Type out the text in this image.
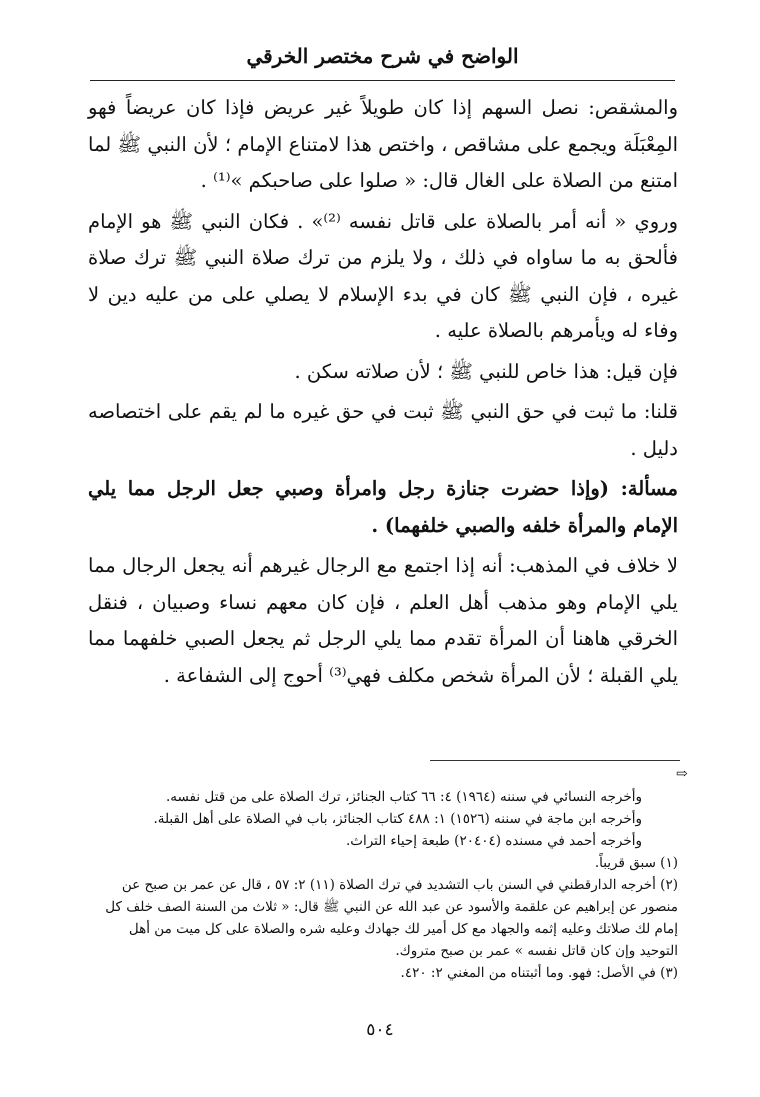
الواضح في شرح مختصر الخرقي

والمشقص: نصل السهم إذا كان طويلاً غير عريض فإذا كان عريضاً فهو المِعْبَلَة ويجمع على مشاقص ، واختص هذا لامتناع الإمام ؛ لأن النبي ﷺ لما امتنع من الصلاة على الغال قال: « صلوا على صاحبكم »⁽¹⁾ .

وروي « أنه أمر بالصلاة على قاتل نفسه ⁽²⁾» . فكان النبي ﷺ هو الإمام فألحق به ما ساواه في ذلك ، ولا يلزم من ترك صلاة النبي ﷺ ترك صلاة غيره ، فإن النبي ﷺ كان في بدء الإسلام لا يصلي على من عليه دين لا وفاء له ويأمرهم بالصلاة عليه .

فإن قيل: هذا خاص للنبي ﷺ ؛ لأن صلاته سكن .

قلنا: ما ثبت في حق النبي ﷺ ثبت في حق غيره ما لم يقم على اختصاصه دليل .

مسألة: (وإذا حضرت جنازة رجل وامرأة وصبي جعل الرجل مما يلي الإمام والمرأة خلفه والصبي خلفهما) .

لا خلاف في المذهب: أنه إذا اجتمع مع الرجال غيرهم أنه يجعل الرجال مما يلي الإمام وهو مذهب أهل العلم ، فإن كان معهم نساء وصبيان ، فنقل الخرقي هاهنا أن المرأة تقدم مما يلي الرجل ثم يجعل الصبي خلفهما مما يلي القبلة ؛ لأن المرأة شخص مكلف فهي⁽³⁾ أحوج إلى الشفاعة .

⇨

وأخرجه النسائي في سننه (١٩٦٤) ٤: ٦٦ كتاب الجنائز، ترك الصلاة على من قتل نفسه.

وأخرجه ابن ماجة في سننه (١٥٢٦) ١: ٤٨٨ كتاب الجنائز، باب في الصلاة على أهل القبلة.

وأخرجه أحمد في مسنده (٢٠٤٠٤) طبعة إحياء التراث.

(١) سبق قريباً.

(٢) أخرجه الدارقطني في السنن باب التشديد في ترك الصلاة (١١) ٢: ٥٧ ، قال عن عمر بن صبح عن منصور عن إبراهيم عن علقمة والأسود عن عبد الله عن النبي ﷺ قال: « ثلاث من السنة الصف خلف كل إمام لك صلاتك وعليه إثمه والجهاد مع كل أمير لك جهادك وعليه شره والصلاة على كل ميت من أهل التوحيد وإن كان قاتل نفسه » عمر بن صبح متروك.

(٣) في الأصل: فهو. وما أثبتناه من المغني ٢: ٤٢٠.

٥٠٤
